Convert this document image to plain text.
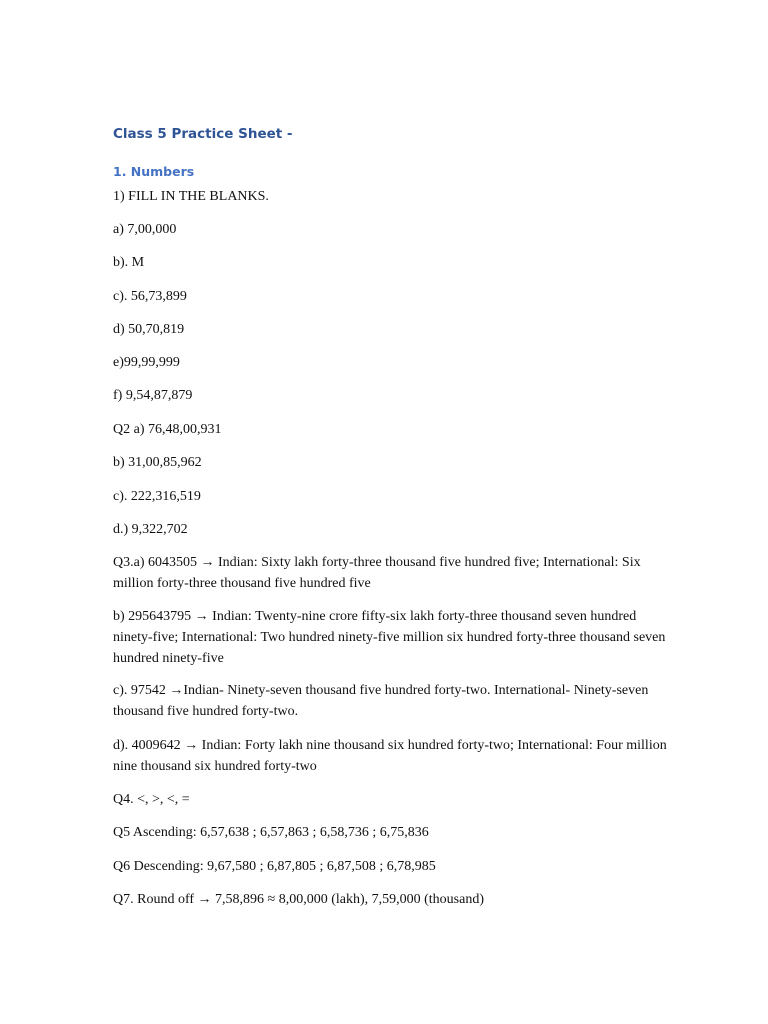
Class 5 Practice Sheet -
1. Numbers
1) FILL IN THE BLANKS.
a) 7,00,000
b). M
c). 56,73,899
d) 50,70,819
e)99,99,999
f) 9,54,87,879
Q2 a) 76,48,00,931
b) 31,00,85,962
c). 222,316,519
d.) 9,322,702
Q3.a) 6043505 → Indian: Sixty lakh forty-three thousand five hundred five; International: Six million forty-three thousand five hundred five
b) 295643795 → Indian: Twenty-nine crore fifty-six lakh forty-three thousand seven hundred ninety-five; International: Two hundred ninety-five million six hundred forty-three thousand seven hundred ninety-five
c). 97542 →Indian- Ninety-seven thousand five hundred forty-two. International- Ninety-seven thousand five hundred forty-two.
d). 4009642 → Indian: Forty lakh nine thousand six hundred forty-two; International: Four million nine thousand six hundred forty-two
Q4. <, >, <, =
Q5 Ascending: 6,57,638 ; 6,57,863 ; 6,58,736 ; 6,75,836
Q6 Descending: 9,67,580 ; 6,87,805 ; 6,87,508 ; 6,78,985
Q7. Round off → 7,58,896 ≈ 8,00,000 (lakh), 7,59,000 (thousand)
